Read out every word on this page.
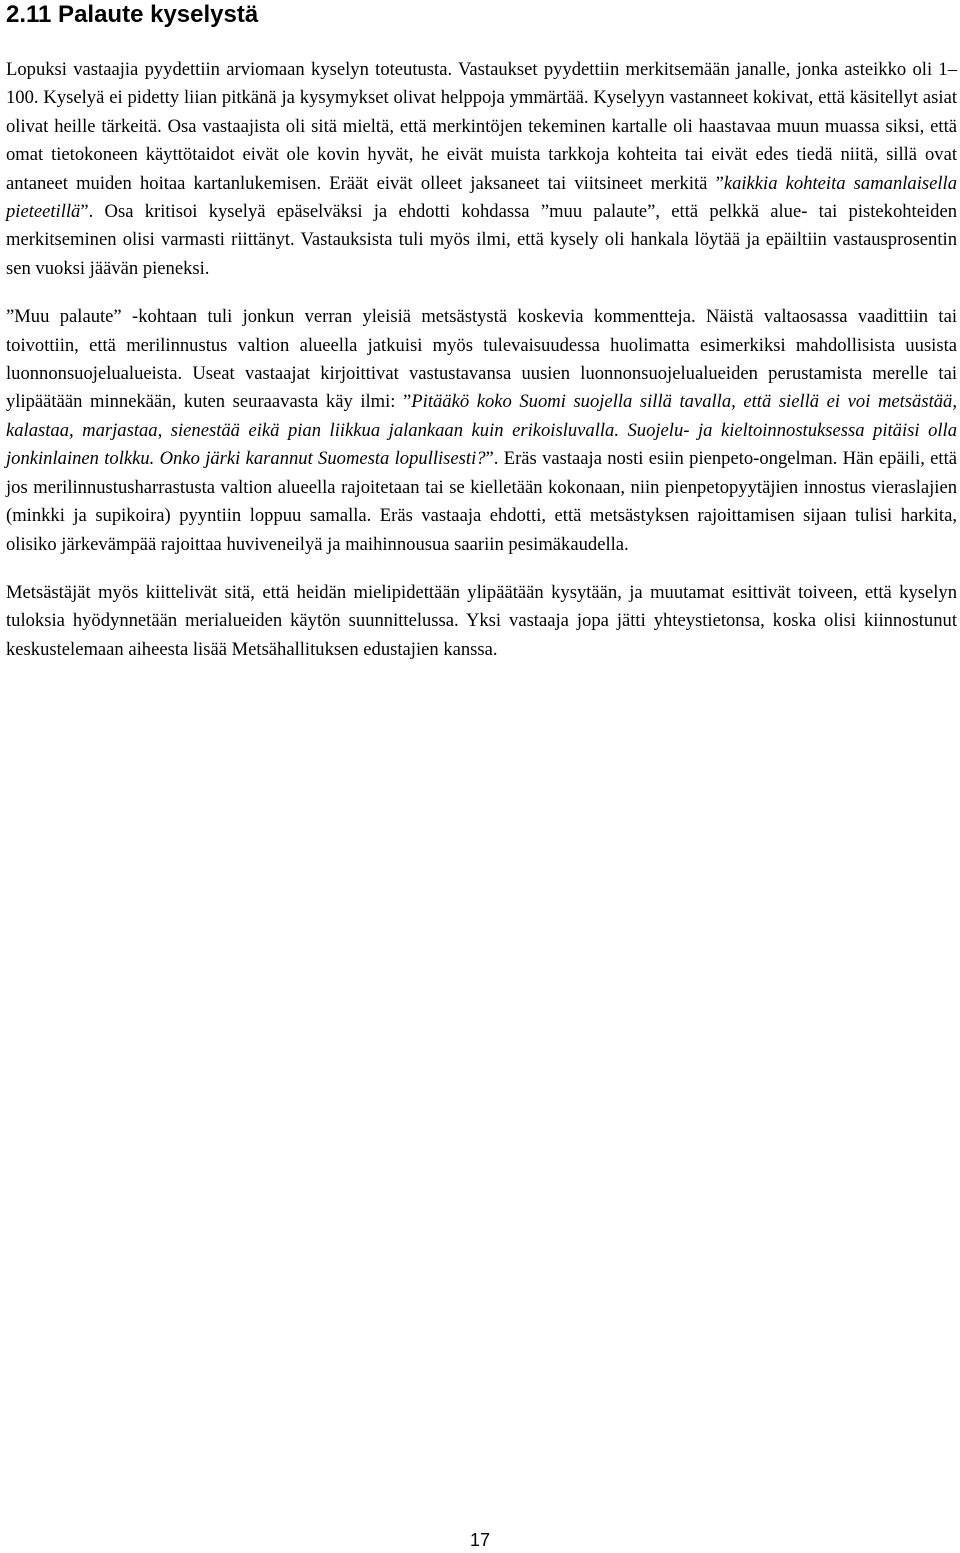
2.11 Palaute kyselystä

Lopuksi vastaajia pyydettiin arviomaan kyselyn toteutusta. Vastaukset pyydettiin merkitsemään janalle, jonka asteikko oli 1–100. Kyselyä ei pidetty liian pitkänä ja kysymykset olivat helppoja ymmärtää. Kyselyyn vastanneet kokivat, että käsitellyt asiat olivat heille tärkeitä. Osa vastaajista oli sitä mieltä, että merkintöjen tekeminen kartalle oli haastavaa muun muassa siksi, että omat tietokoneen käyttötaidot eivät ole kovin hyvät, he eivät muista tarkkoja kohteita tai eivät edes tiedä niitä, sillä ovat antaneet muiden hoitaa kartanlukemisen. Eräät eivät olleet jaksaneet tai viitsineet merkitä ”kaikkia kohteita samanlaisella pieteetillä”. Osa kritisoi kyselyä epäselväksi ja ehdotti kohdassa ”muu palaute”, että pelkkä alue- tai pistekohteiden merkitseminen olisi varmasti riittänyt. Vastauksista tuli myös ilmi, että kysely oli hankala löytää ja epäiltiin vastausprosentin sen vuoksi jäävän pieneksi.

”Muu palaute” -kohtaan tuli jonkun verran yleisiä metsästystä koskevia kommentteja. Näistä valtaosassa vaadittiin tai toivottiin, että merilinnustus valtion alueella jatkuisi myös tulevaisuudessa huolimatta esimerkiksi mahdollisista uusista luonnonsuojelualueista. Useat vastaajat kirjoittivat vastustavansa uusien luonnonsuojelualueiden perustamista merelle tai ylipäätään minnekään, kuten seuraavasta käy ilmi: ”Pitääkö koko Suomi suojella sillä tavalla, että siellä ei voi metsästää, kalastaa, marjastaa, sienestää eikä pian liikkua jalankaan kuin erikoisluvalla. Suojelu- ja kieltoinnostuksessa pitäisi olla jonkinlainen tolkku. Onko järki karannut Suomesta lopullisesti?”. Eräs vastaaja nosti esiin pienpeto-ongelman. Hän epäili, että jos merilinnustusharrastusta valtion alueella rajoitetaan tai se kielletään kokonaan, niin pienpetopyytäjien innostus vieraslajien (minkki ja supikoira) pyyntiin loppuu samalla. Eräs vastaaja ehdotti, että metsästyksen rajoittamisen sijaan tulisi harkita, olisiko järkevämpää rajoittaa huviveneilyä ja maihinnousua saariin pesimäkaudella.

Metsästäjät myös kiittelivät sitä, että heidän mielipidettään ylipäätään kysytään, ja muutamat esittivät toiveen, että kyselyn tuloksia hyödynnetään merialueiden käytön suunnittelussa. Yksi vastaaja jopa jätti yhteystietonsa, koska olisi kiinnostunut keskustelemaan aiheesta lisää Metsähallituksen edustajien kanssa.

17
